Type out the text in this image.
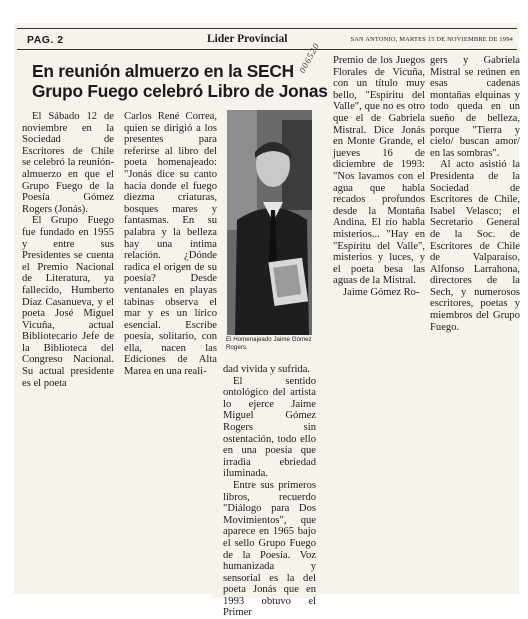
PAG. 2	Lider Provincial	SAN ANTONIO, MARTES 15 DE NOVIEMBRE DE 1994
En reunión almuerzo en la SECH Grupo Fuego celebró Libro de Jonas
006520

El Sábado 12 de noviembre en la Sociedad de Escritores de Chile se celebró la reunión-almuerzo en que el Grupo Fuego de la Poesía Gómez Rogers (Jonás).

El Grupo Fuego fue fundado en 1955 y entre sus Presidentes se cuenta el Premio Nacional de Literatura, ya fallecido, Humberto Díaz Casanueva, y el poeta José Miguel Vicuña, actual Bibliotecario Jefe de la Biblioteca del Congreso Nacional. Su actual presidente es el poeta

Carlos René Correa, quien se dirigió a los presentes para referirse al libro del poeta homenajeado: "Jonás dice su canto hacia donde el fuego diezma criaturas, bosques mares y fantasmas. En su palabra y la belleza hay una íntima relación. ¿Dónde radica el origen de su poesía? Desde ventanales en playas tabinas observa el mar y es un lírico esencial. Escribe poesía, solitario, con ella, nacen las Ediciones de Alta Marea en una reali-

El Homenajeado Jaime Gómez Rogers.

dad vivida y sufrida.

El sentido ontológico del artista lo ejerce Jaime Miguel Gómez Rogers sin ostentación, todo ello en una poesía que irradia ebriedad iluminada.

Entre sus primeros libros, recuerdo "Diálogo para Dos Movimientos", que aparece en 1965 bajo el sello Grupo Fuego de la Poesía. Voz humanizada y sensorial es la del poeta Jonás que en 1993 obtuvo el Primer

Premio de los Juegos Florales de Vicuña, con un título muy bello, "Espíritu del Valle", que no es otro que el de Gabriela Mistral. Dice Jonás en Monte Grande, el jueves 16 de diciembre de 1993: "Nos lavamos con el agua que habla recados profundos desde la Montaña Andina. El río habla misterios... "Hay en "Espíritu del Valle", misterios y luces, y el poeta besa las aguas de la Mistral.

Jaime Gómez Ro-

gers y Gabriela Mistral se reúnen en esas cadenas montañas elquinas y todo queda en un sueño de belleza, porque "Tierra y cielo/ buscan amor/ en las sombras".

Al acto asistió la Presidenta de la Sociedad de Escritores de Chile, Isabel Velasco; el Secretario General de la Soc. de Escritores de Chile de Valparaíso, Alfonso Larrahona, directores de la Sech, y numerosos escritores, poetas y miembros del Grupo Fuego.
